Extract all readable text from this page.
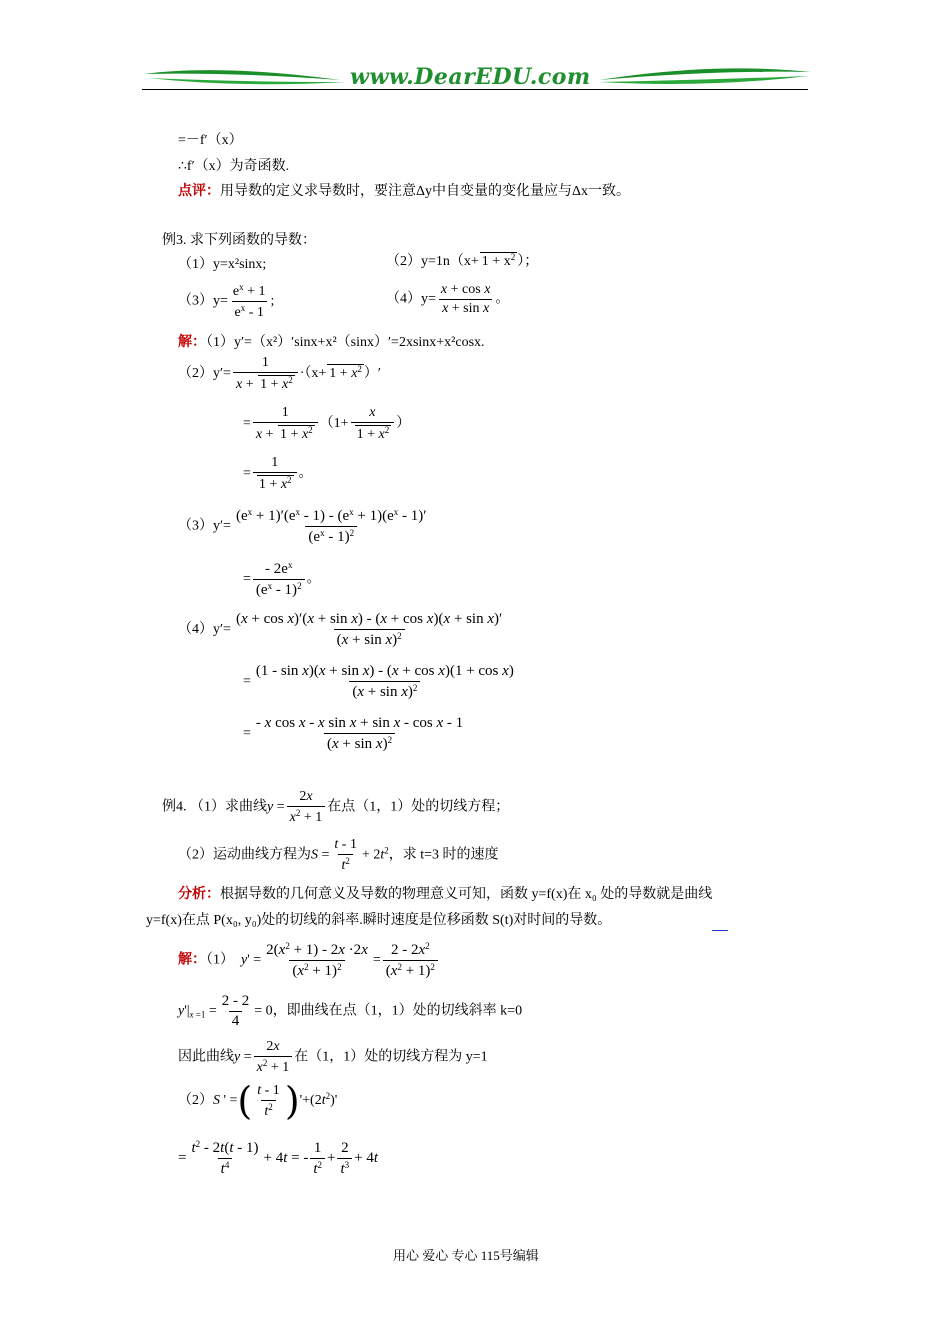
www.DearEDU.com
=－f′（x）
∴f′（x）为奇函数.
点评：用导数的定义求导数时，要注意Δy中自变量的变化量应与Δx一致。
例3. 求下列函数的导数：
（1）y=x²sinx;	$(2)y=1n(x+ 1 + x^2$ ）；
$(3)y= \frac{e^x + 1}{e^x - 1}$ ;	$(4)y= \frac{\text{x + cos x}}{\text{x + sin x}}$ 。
解：（1）y′=（x²）′sinx+x²（sinx）′=2xsinx+x²cosx.
$(2)y'= \frac{1}{x + 1 + x^2} \cdot(x+ 1 + x^2$ ）′
= $\frac{1}{x + 1 + x^2} (1+ \frac{x}{1 + x^2}$ ）
= $\frac{1}{1 + x^2}$ 。
$(3)y'= \frac{(e^x + 1)'(e^x - 1) - (e^x + 1)(e^x - 1)'}{(e^x - 1)^2}$
= $\frac{- 2e^x}{(e^x - 1)^2}$ 。
$(4)y'= \frac{\text{(x + cos x)′(x + sin x) - (x + cos x)(x + sin x)′}}{(x + \sin x)^2}$
= $\frac{\text{(1 - sin x)(x + sin x) - (x + cos x)(1 + cos x)}}{(x + \sin x)^2}$
= $\frac{\text{- x cos x - x sin x + sin x - cos x - 1}}{(x + \sin x)^2}$
例4. （1）求曲线$y = \frac{2x}{x^2 + 1}$ 在点（1，1）处的切线方程；
（2）运动曲线方程为$S = \frac{t - 1}{t^2} + 2t^2$，求 t=3 时的速度
分析：根据导数的几何意义及导数的物理意义可知，函数 y=f(x)在 x₀ 处的导数就是曲线
y=f(x)在点 P(x₀, y₀)处的切线的斜率.瞬时速度是位移函数 S(t)对时间的导数。
解：（1） $y' = \frac{2(x^2 + 1) - 2x \cdot 2x}{(x^2 + 1)^2} = \frac{2 - 2x^2}{(x^2 + 1)^2}$
$y'|_{x =1} = \frac{2 - 2}{4} = 0$，即曲线在点（1，1）处的切线斜率 k=0
因此曲线$y = \frac{2x}{x^2 + 1}$ 在（1，1）处的切线方程为 y=1
（2）S ' =( $\frac{t - 1}{t^2} )'+(2t^2)'$
= $\frac{t^2 - 2t(t - 1)}{t^4} + 4t$ = - $\frac{1}{t^2} + \frac{2}{t^3} + 4t$
用心 爱心 专心 115号编辑
